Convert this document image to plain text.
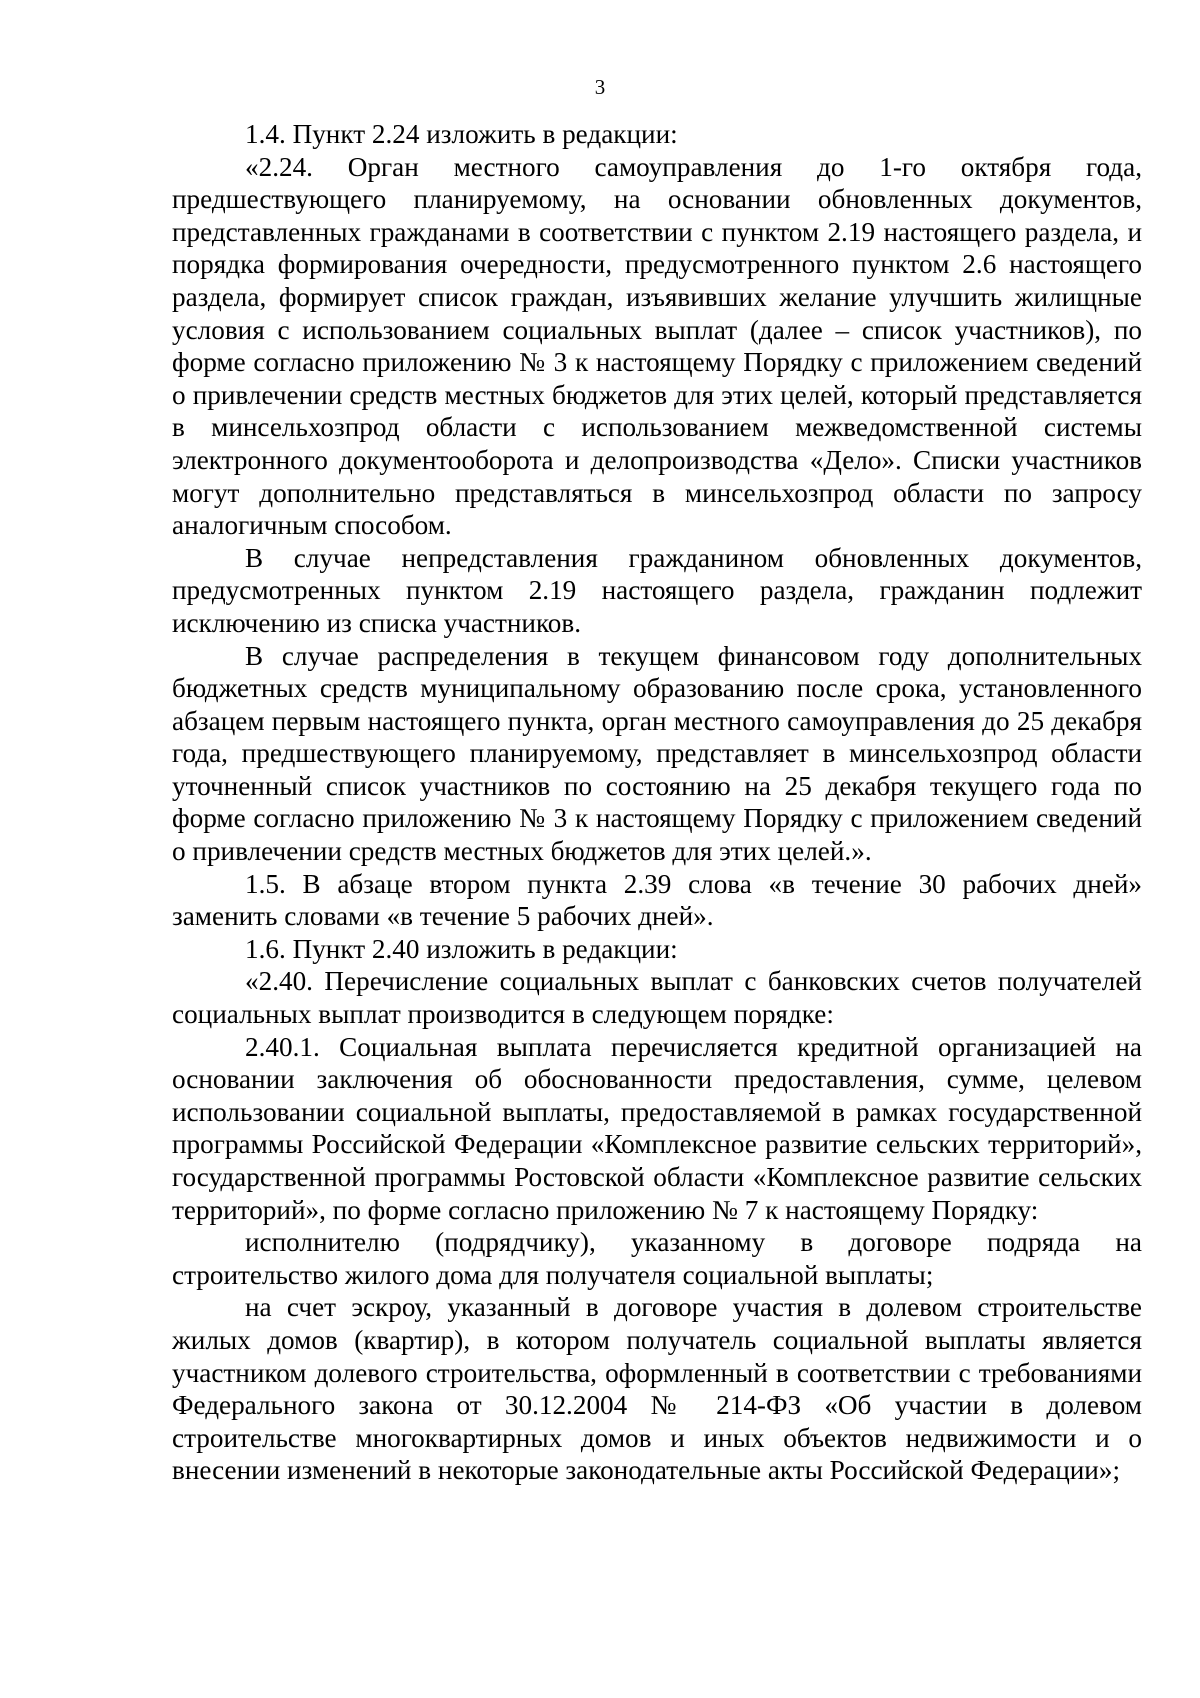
3

1.4. Пункт 2.24 изложить в редакции:

«2.24. Орган местного самоуправления до 1-го октября года, предшествующего планируемому, на основании обновленных документов, представленных гражданами в соответствии с пунктом 2.19 настоящего раздела, и порядка формирования очередности, предусмотренного пунктом 2.6 настоящего раздела, формирует список граждан, изъявивших желание улучшить жилищные условия с использованием социальных выплат (далее – список участников), по форме согласно приложению № 3 к настоящему Порядку с приложением сведений о привлечении средств местных бюджетов для этих целей, который представляется в минсельхозпрод области с использованием межведомственной системы электронного документооборота и делопроизводства «Дело». Списки участников могут дополнительно представляться в минсельхозпрод области по запросу аналогичным способом.

В случае непредставления гражданином обновленных документов, предусмотренных пунктом 2.19 настоящего раздела, гражданин подлежит исключению из списка участников.

В случае распределения в текущем финансовом году дополнительных бюджетных средств муниципальному образованию после срока, установленного абзацем первым настоящего пункта, орган местного самоуправления до 25 декабря года, предшествующего планируемому, представляет в минсельхозпрод области уточненный список участников по состоянию на 25 декабря текущего года по форме согласно приложению № 3 к настоящему Порядку с приложением сведений о привлечении средств местных бюджетов для этих целей.».

1.5. В абзаце втором пункта 2.39 слова «в течение 30 рабочих дней» заменить словами «в течение 5 рабочих дней».

1.6. Пункт 2.40 изложить в редакции:

«2.40. Перечисление социальных выплат с банковских счетов получателей социальных выплат производится в следующем порядке:

2.40.1. Социальная выплата перечисляется кредитной организацией на основании заключения об обоснованности предоставления, сумме, целевом использовании социальной выплаты, предоставляемой в рамках государственной программы Российской Федерации «Комплексное развитие сельских территорий», государственной программы Ростовской области «Комплексное развитие сельских территорий», по форме согласно приложению № 7 к настоящему Порядку:

исполнителю (подрядчику), указанному в договоре подряда на строительство жилого дома для получателя социальной выплаты;

на счет эскроу, указанный в договоре участия в долевом строительстве жилых домов (квартир), в котором получатель социальной выплаты является участником долевого строительства, оформленный в соответствии с требованиями Федерального закона от 30.12.2004 № 214-ФЗ «Об участии в долевом строительстве многоквартирных домов и иных объектов недвижимости и о внесении изменений в некоторые законодательные акты Российской Федерации»;
